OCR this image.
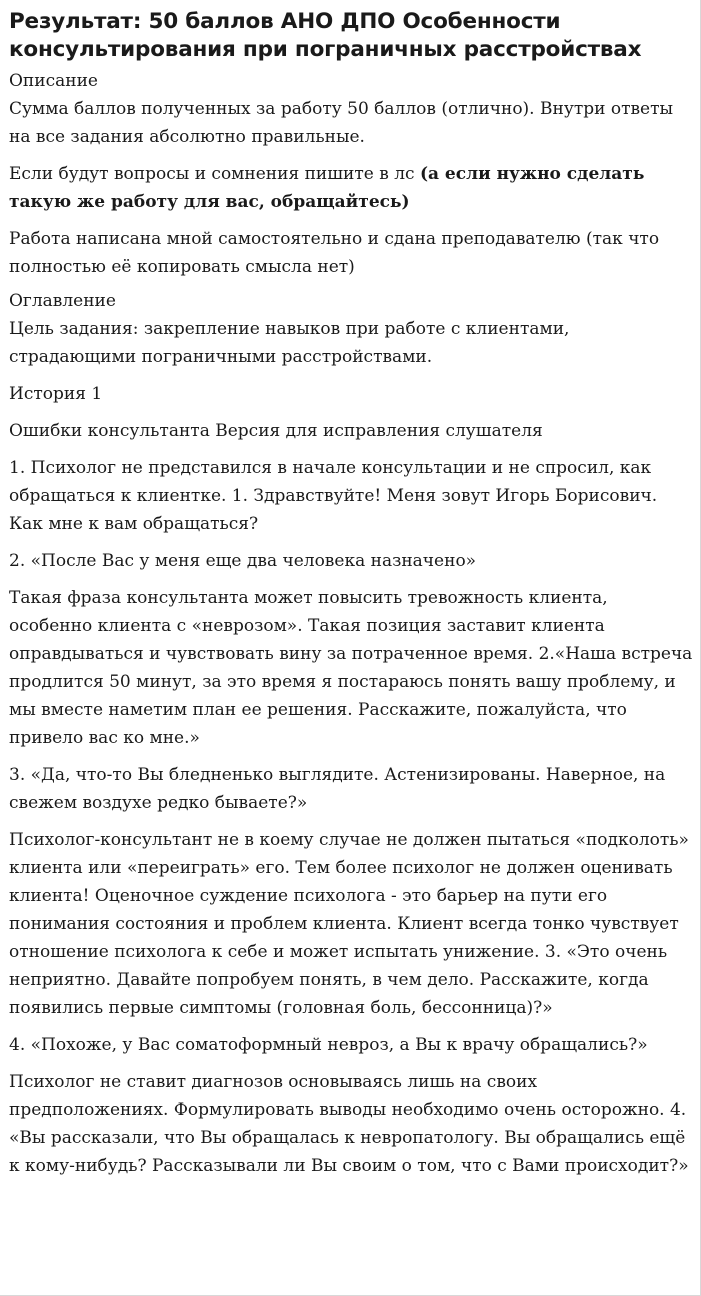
Результат: 50 баллов АНО ДПО Особенности консультирования при пограничных расстройствах
Описание

Сумма баллов полученных за работу 50 баллов (отлично). Внутри ответы на все задания абсолютно правильные.

Если будут вопросы и сомнения пишите в лс (а если нужно сделать такую же работу для вас, обращайтесь)

Работа написана мной самостоятельно и сдана преподавателю (так что полностью её копировать смысла нет)

Оглавление

Цель задания: закрепление навыков при работе с клиентами, страдающими пограничными расстройствами.

История 1

Ошибки консультанта Версия для исправления слушателя

1. Психолог не представился в начале консультации и не спросил, как обращаться к клиентке. 1. Здравствуйте! Меня зовут Игорь Борисович. Как мне к вам обращаться?

2. «После Вас у меня еще два человека назначено»

Такая фраза консультанта может повысить тревожность клиента, особенно клиента с «неврозом». Такая позиция заставит клиента оправдываться и чувствовать вину за потраченное время. 2.«Наша встреча продлится 50 минут, за это время я постараюсь понять вашу проблему, и мы вместе наметим план ее решения. Расскажите, пожалуйста, что привело вас ко мне.»

3. «Да, что-то Вы бледненько выглядите. Астенизированы. Наверное, на свежем воздухе редко бываете?»

Психолог-консультант не в коему случае не должен пытаться «подколоть» клиента или «переиграть» его. Тем более психолог не должен оценивать клиента! Оценочное суждение психолога - это барьер на пути его понимания состояния и проблем клиента. Клиент всегда тонко чувствует отношение психолога к себе и может испытать унижение. 3. «Это очень неприятно. Давайте попробуем понять, в чем дело. Расскажите, когда появились первые симптомы (головная боль, бессонница)?»

4. «Похоже, у Вас соматоформный невроз, а Вы к врачу обращались?»

Психолог не ставит диагнозов основываясь лишь на своих предположениях. Формулировать выводы необходимо очень осторожно. 4. «Вы рассказали, что Вы обращалась к невропатологу. Вы обращались ещё к кому-нибудь? Рассказывали ли Вы своим о том, что с Вами происходит?»
